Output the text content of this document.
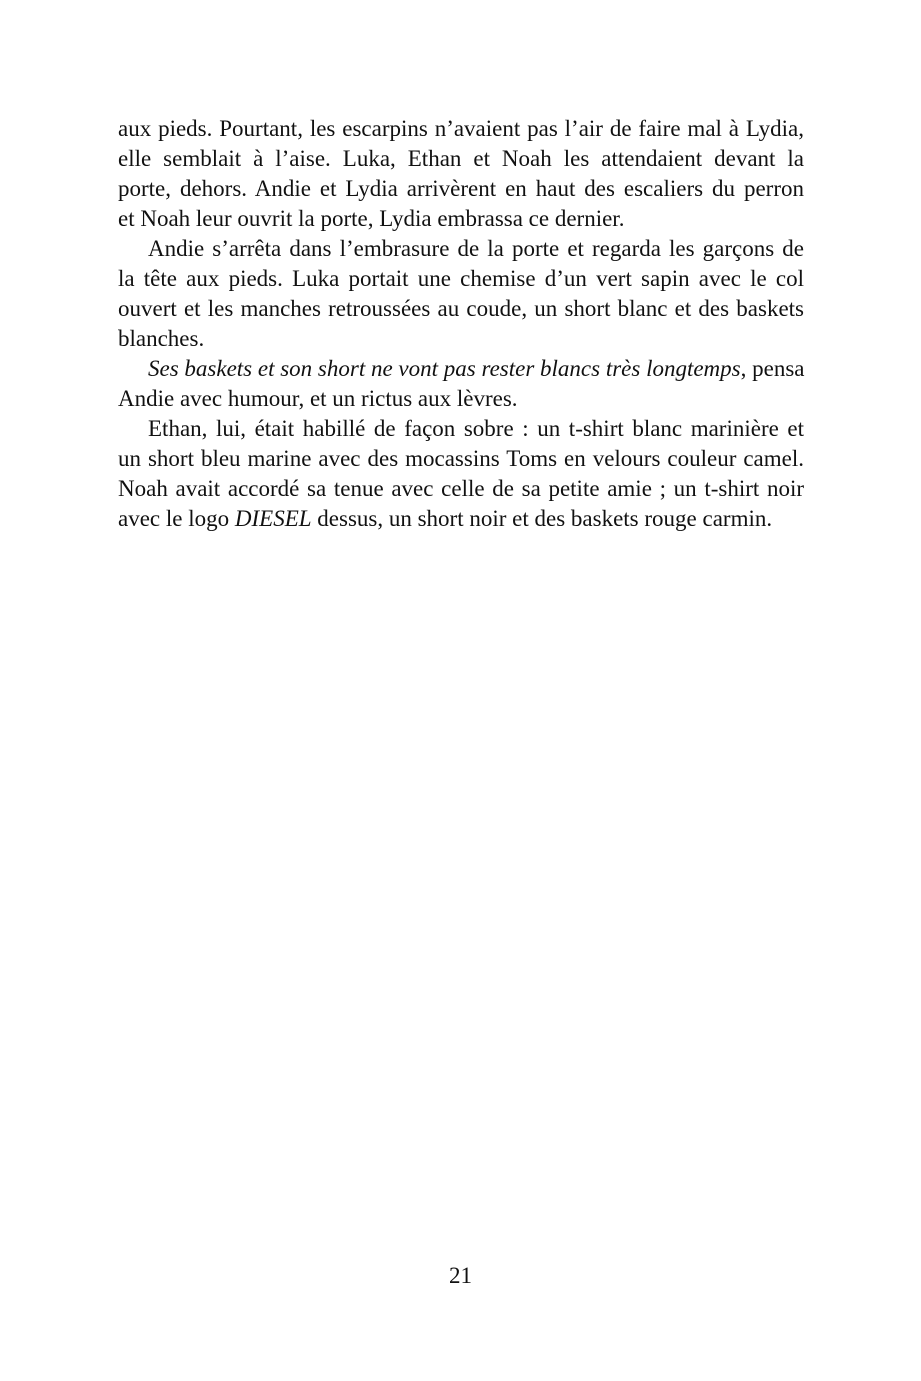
aux pieds. Pourtant, les escarpins n’avaient pas l’air de faire mal à Lydia,
elle semblait à l’aise. Luka, Ethan et Noah les attendaient devant la
porte, dehors. Andie et Lydia arrivèrent en haut des escaliers du perron
et Noah leur ouvrit la porte, Lydia embrassa ce dernier.
Andie s’arrêta dans l’embrasure de la porte et regarda les garçons de
la tête aux pieds. Luka portait une chemise d’un vert sapin avec le col
ouvert et les manches retroussées au coude, un short blanc et des baskets
blanches.
Ses baskets et son short ne vont pas rester blancs très longtemps, pensa
Andie avec humour, et un rictus aux lèvres.
Ethan, lui, était habillé de façon sobre : un t-shirt blanc marinière et
un short bleu marine avec des mocassins Toms en velours couleur camel.
Noah avait accordé sa tenue avec celle de sa petite amie ; un t-shirt noir
avec le logo DIESEL dessus, un short noir et des baskets rouge carmin.
21
